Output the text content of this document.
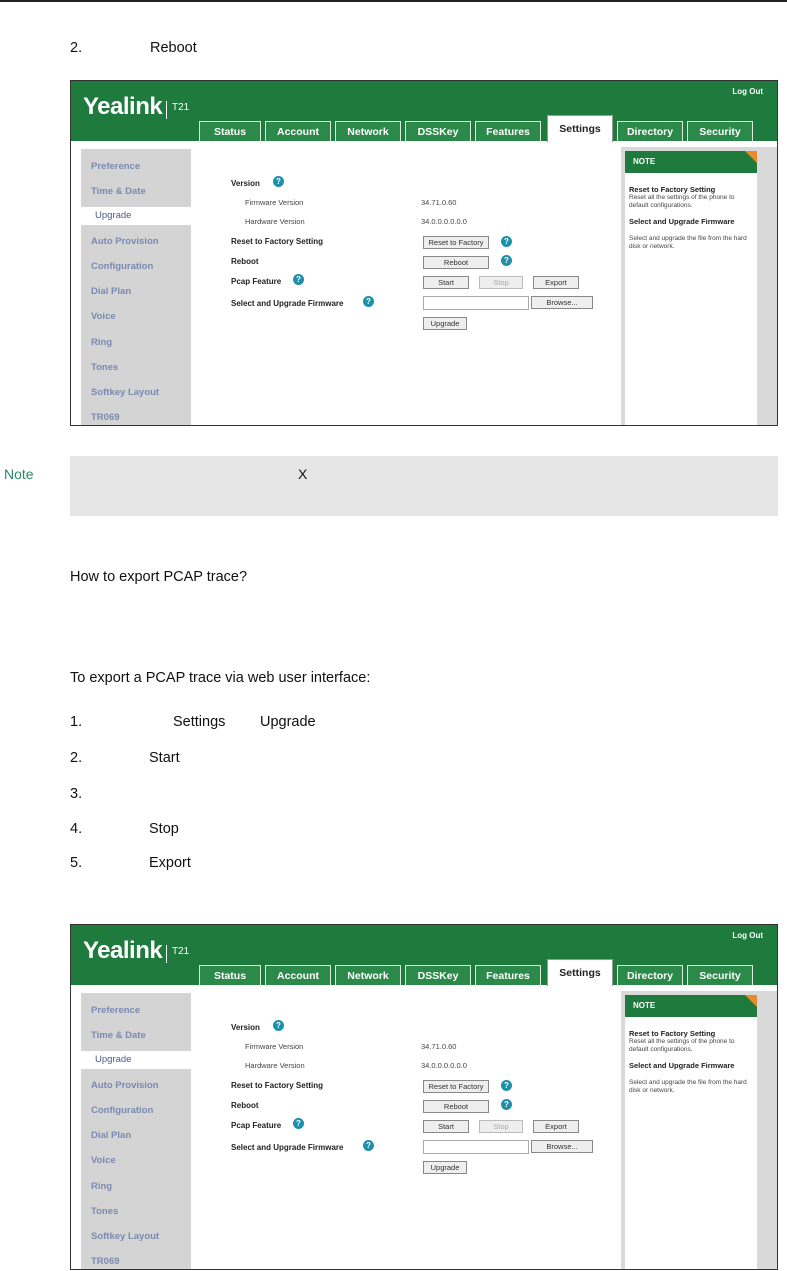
2.	Reboot
Yealink T21
Log Out
Status	Account	Network	DSSKey	Features	Settings	Directory	Security
Preference
Time & Date
Upgrade
Auto Provision
Configuration
Dial Plan
Voice
Ring
Tones
Softkey Layout
TR069
Version	?
Firmware Version	34.71.0.60
Hardware Version	34.0.0.0.0.0.0
Reset to Factory Setting	Reset to Factory	?
Reboot	Reboot	?
Pcap Feature	?	Start	Stop	Export
Select and Upgrade Firmware	?	Browse...
Upgrade
NOTE
Reset to Factory Setting
Reset all the settings of the phone to default configurations.
Select and Upgrade Firmware
Select and upgrade the file from the hard disk or network.
Note	X
How to export PCAP trace?
To export a PCAP trace via web user interface:
1.	Settings Upgrade
2.	Start
3.
4.	Stop
5.	Export
Yealink T21
Log Out
Status	Account	Network	DSSKey	Features	Settings	Directory	Security
Preference
Time & Date
Upgrade
Auto Provision
Configuration
Dial Plan
Voice
Ring
Tones
Softkey Layout
TR069
Version	?
Firmware Version	34.71.0.60
Hardware Version	34.0.0.0.0.0.0
Reset to Factory Setting	Reset to Factory	?
Reboot	Reboot	?
Pcap Feature	?	Start	Stop	Export
Select and Upgrade Firmware	?	Browse...
Upgrade
NOTE
Reset to Factory Setting
Reset all the settings of the phone to default configurations.
Select and Upgrade Firmware
Select and upgrade the file from the hard disk or network.
